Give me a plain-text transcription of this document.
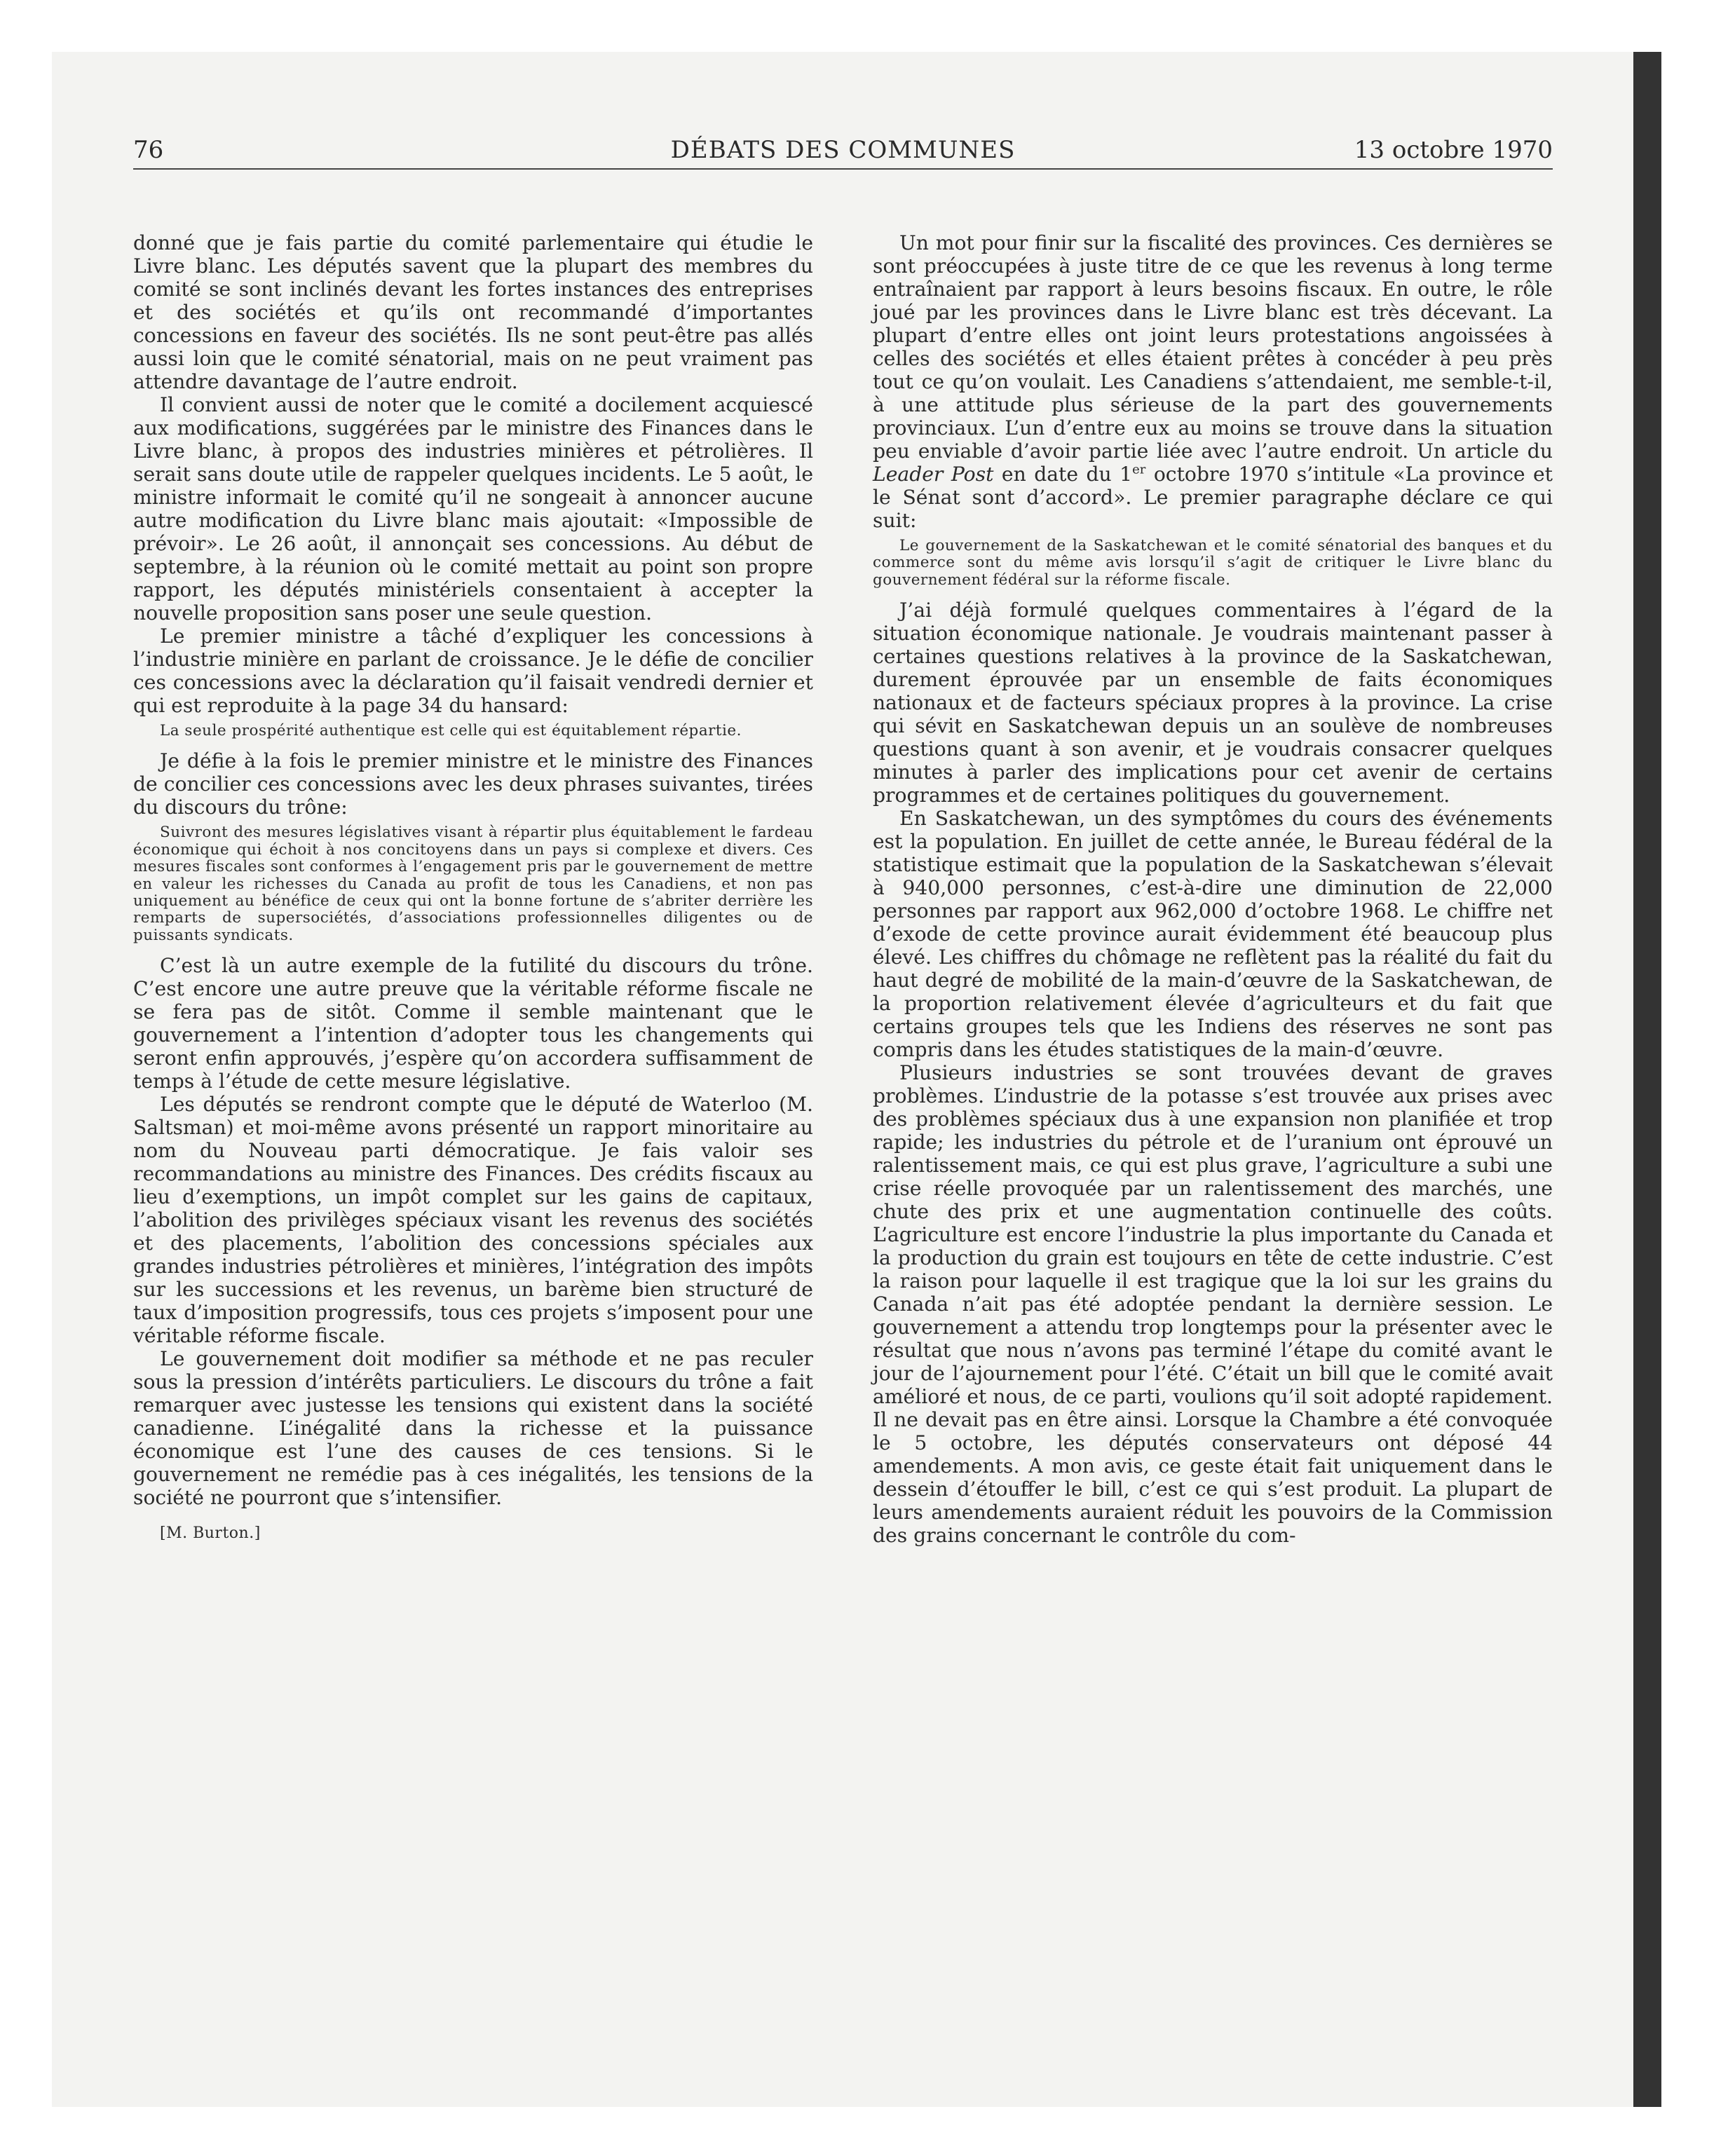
76	DÉBATS DES COMMUNES	13 octobre 1970

donné que je fais partie du comité parlementaire qui étudie le Livre blanc. Les députés savent que la plupart des membres du comité se sont inclinés devant les fortes instances des entreprises et des sociétés et qu’ils ont recommandé d’importantes concessions en faveur des sociétés. Ils ne sont peut-être pas allés aussi loin que le comité sénatorial, mais on ne peut vraiment pas attendre davantage de l’autre endroit.

Il convient aussi de noter que le comité a docilement acquiescé aux modifications, suggérées par le ministre des Finances dans le Livre blanc, à propos des industries minières et pétrolières. Il serait sans doute utile de rappeler quelques incidents. Le 5 août, le ministre informait le comité qu’il ne songeait à annoncer aucune autre modification du Livre blanc mais ajoutait: «Impossible de prévoir». Le 26 août, il annonçait ses concessions. Au début de septembre, à la réunion où le comité mettait au point son propre rapport, les députés ministériels consentaient à accepter la nouvelle proposition sans poser une seule question.

Le premier ministre a tâché d’expliquer les concessions à l’industrie minière en parlant de croissance. Je le défie de concilier ces concessions avec la déclaration qu’il faisait vendredi dernier et qui est reproduite à la page 34 du hansard:

La seule prospérité authentique est celle qui est équitablement répartie.

Je défie à la fois le premier ministre et le ministre des Finances de concilier ces concessions avec les deux phrases suivantes, tirées du discours du trône:

Suivront des mesures législatives visant à répartir plus équitablement le fardeau économique qui échoit à nos concitoyens dans un pays si complexe et divers. Ces mesures fiscales sont conformes à l’engagement pris par le gouvernement de mettre en valeur les richesses du Canada au profit de tous les Canadiens, et non pas uniquement au bénéfice de ceux qui ont la bonne fortune de s’abriter derrière les remparts de supersociétés, d’associations professionnelles diligentes ou de puissants syndicats.

C’est là un autre exemple de la futilité du discours du trône. C’est encore une autre preuve que la véritable réforme fiscale ne se fera pas de sitôt. Comme il semble maintenant que le gouvernement a l’intention d’adopter tous les changements qui seront enfin approuvés, j’espère qu’on accordera suffisamment de temps à l’étude de cette mesure législative.

Les députés se rendront compte que le député de Waterloo (M. Saltsman) et moi-même avons présenté un rapport minoritaire au nom du Nouveau parti démocratique. Je fais valoir ses recommandations au ministre des Finances. Des crédits fiscaux au lieu d’exemptions, un impôt complet sur les gains de capitaux, l’abolition des privilèges spéciaux visant les revenus des sociétés et des placements, l’abolition des concessions spéciales aux grandes industries pétrolières et minières, l’intégration des impôts sur les successions et les revenus, un barème bien structuré de taux d’imposition progressifs, tous ces projets s’imposent pour une véritable réforme fiscale.

Le gouvernement doit modifier sa méthode et ne pas reculer sous la pression d’intérêts particuliers. Le discours du trône a fait remarquer avec justesse les tensions qui existent dans la société canadienne. L’inégalité dans la richesse et la puissance économique est l’une des causes de ces tensions. Si le gouvernement ne remédie pas à ces inégalités, les tensions de la société ne pourront que s’intensifier.

[M. Burton.]

Un mot pour finir sur la fiscalité des provinces. Ces dernières se sont préoccupées à juste titre de ce que les revenus à long terme entraînaient par rapport à leurs besoins fiscaux. En outre, le rôle joué par les provinces dans le Livre blanc est très décevant. La plupart d’entre elles ont joint leurs protestations angoissées à celles des sociétés et elles étaient prêtes à concéder à peu près tout ce qu’on voulait. Les Canadiens s’attendaient, me semble-t-il, à une attitude plus sérieuse de la part des gouvernements provinciaux. L’un d’entre eux au moins se trouve dans la situation peu enviable d’avoir partie liée avec l’autre endroit. Un article du Leader Post en date du 1er octobre 1970 s’intitule «La province et le Sénat sont d’accord». Le premier paragraphe déclare ce qui suit:

Le gouvernement de la Saskatchewan et le comité sénatorial des banques et du commerce sont du même avis lorsqu’il s’agit de critiquer le Livre blanc du gouvernement fédéral sur la réforme fiscale.

J’ai déjà formulé quelques commentaires à l’égard de la situation économique nationale. Je voudrais maintenant passer à certaines questions relatives à la province de la Saskatchewan, durement éprouvée par un ensemble de faits économiques nationaux et de facteurs spéciaux propres à la province. La crise qui sévit en Saskatchewan depuis un an soulève de nombreuses questions quant à son avenir, et je voudrais consacrer quelques minutes à parler des implications pour cet avenir de certains programmes et de certaines politiques du gouvernement.

En Saskatchewan, un des symptômes du cours des événements est la population. En juillet de cette année, le Bureau fédéral de la statistique estimait que la population de la Saskatchewan s’élevait à 940,000 personnes, c’est-à-dire une diminution de 22,000 personnes par rapport aux 962,000 d’octobre 1968. Le chiffre net d’exode de cette province aurait évidemment été beaucoup plus élevé. Les chiffres du chômage ne reflètent pas la réalité du fait du haut degré de mobilité de la main-d’œuvre de la Saskatchewan, de la proportion relativement élevée d’agriculteurs et du fait que certains groupes tels que les Indiens des réserves ne sont pas compris dans les études statistiques de la main-d’œuvre.

Plusieurs industries se sont trouvées devant de graves problèmes. L’industrie de la potasse s’est trouvée aux prises avec des problèmes spéciaux dus à une expansion non planifiée et trop rapide; les industries du pétrole et de l’uranium ont éprouvé un ralentissement mais, ce qui est plus grave, l’agriculture a subi une crise réelle provoquée par un ralentissement des marchés, une chute des prix et une augmentation continuelle des coûts. L’agriculture est encore l’industrie la plus importante du Canada et la production du grain est toujours en tête de cette industrie. C’est la raison pour laquelle il est tragique que la loi sur les grains du Canada n’ait pas été adoptée pendant la dernière session. Le gouvernement a attendu trop longtemps pour la présenter avec le résultat que nous n’avons pas terminé l’étape du comité avant le jour de l’ajournement pour l’été. C’était un bill que le comité avait amélioré et nous, de ce parti, voulions qu’il soit adopté rapidement. Il ne devait pas en être ainsi. Lorsque la Chambre a été convoquée le 5 octobre, les députés conservateurs ont déposé 44 amendements. A mon avis, ce geste était fait uniquement dans le dessein d’étouffer le bill, c’est ce qui s’est produit. La plupart de leurs amendements auraient réduit les pouvoirs de la Commission des grains concernant le contrôle du com-
